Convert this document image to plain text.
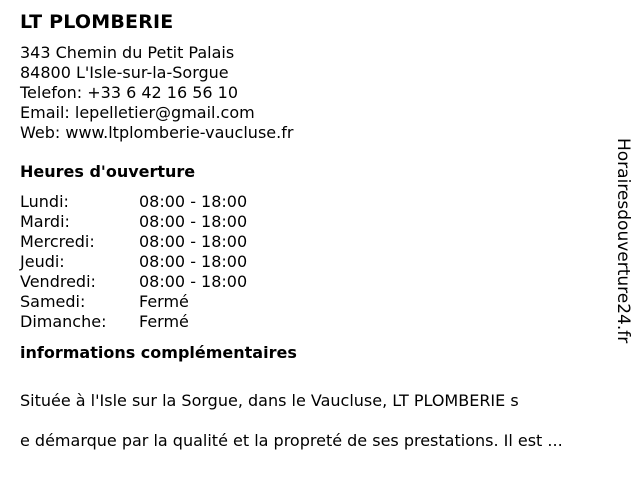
LT PLOMBERIE
343 Chemin du Petit Palais
84800 L'Isle-sur-la-Sorgue
Telefon: +33 6 42 16 56 10
Email: lepelletier@gmail.com
Web: www.ltplomberie-vaucluse.fr
Heures d'ouverture
Lundi:	08:00 - 18:00
Mardi:	08:00 - 18:00
Mercredi:	08:00 - 18:00
Jeudi:	08:00 - 18:00
Vendredi:	08:00 - 18:00
Samedi:	Fermé
Dimanche: Fermé
informations complémentaires

Située à l'Isle sur la Sorgue, dans le Vaucluse, LT PLOMBERIE s

e démarque par la qualité et la propreté de ses prestations. Il est ...

Horairesdouverture24.fr
